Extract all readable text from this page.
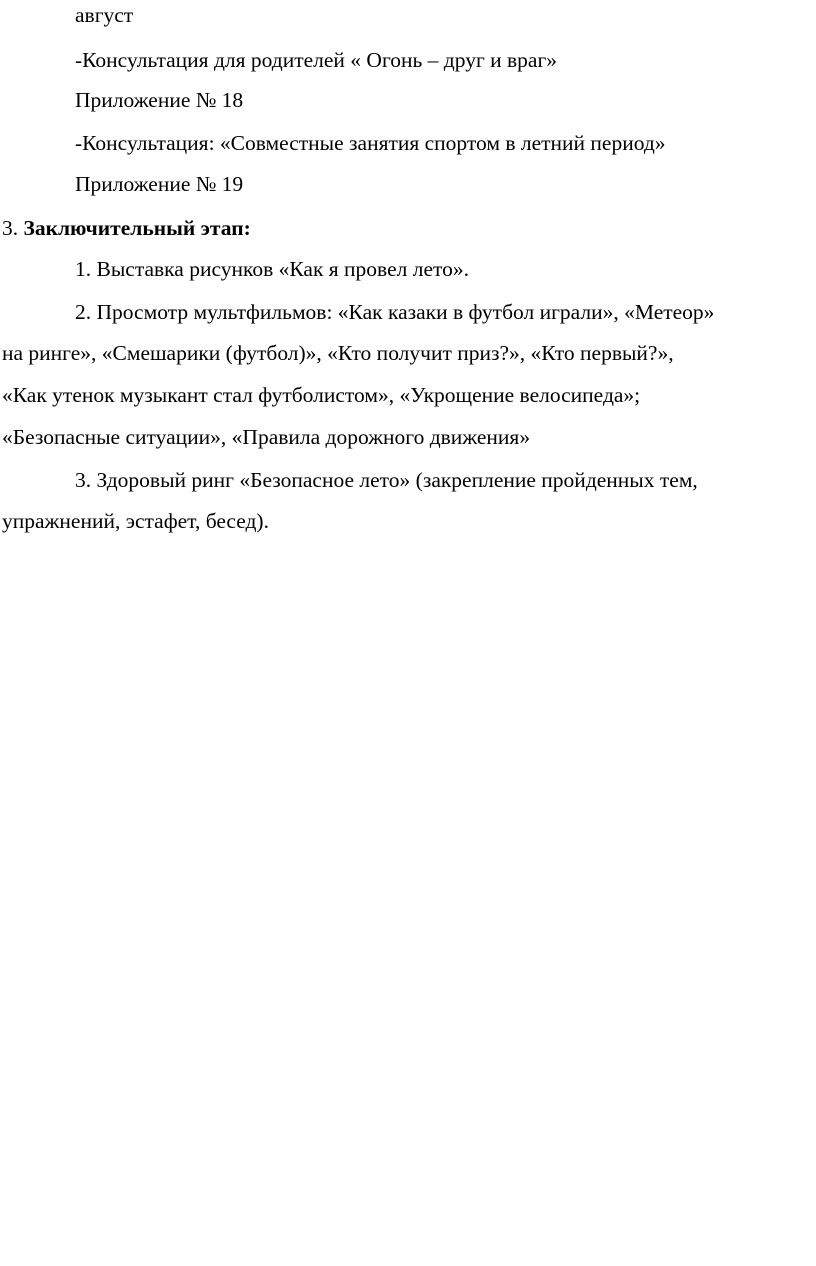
август
-Консультация для родителей « Огонь – друг и враг»
Приложение № 18
-Консультация: «Совместные занятия спортом в летний период»
Приложение № 19
3. Заключительный этап:
1. Выставка рисунков «Как я провел лето».
2. Просмотр мультфильмов: «Как казаки в футбол играли», «Метеор»
на ринге», «Смешарики (футбол)», «Кто получит приз?», «Кто первый?»,
«Как утенок музыкант стал футболистом», «Укрощение велосипеда»;
«Безопасные ситуации», «Правила дорожного движения»
3. Здоровый ринг «Безопасное лето» (закрепление пройденных тем,
упражнений, эстафет, бесед).
